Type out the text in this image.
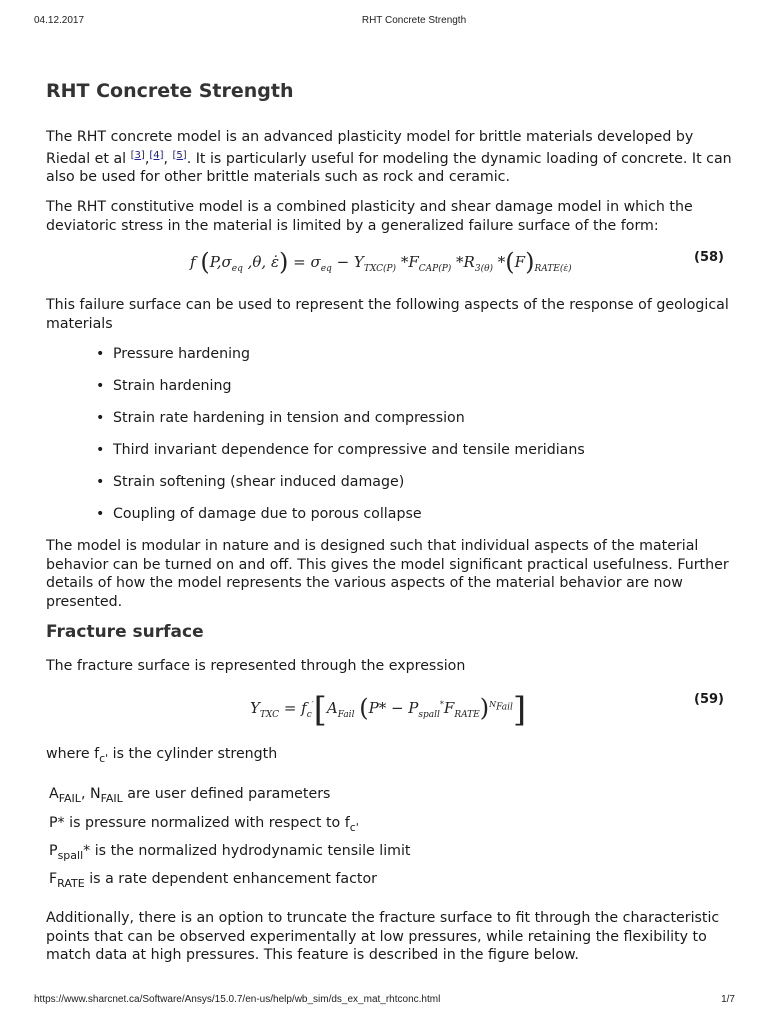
04.12.2017	RHT Concrete Strength
RHT Concrete Strength

The RHT concrete model is an advanced plasticity model for brittle materials developed by Riedal et al [3],[4], [5]. It is particularly useful for modeling the dynamic loading of concrete. It can also be used for other brittle materials such as rock and ceramic.

The RHT constitutive model is a combined plasticity and shear damage model in which the deviatoric stress in the material is limited by a generalized failure surface of the form:

f ($P,\sigma_{eq}$ ,θ, ε̇) = $\sigma_{eq} - Y_{TXC(P)}$ $*F_{CAP(P)}$ $*R_{3(\theta)}$ $*(F)_{RATE(\varepsiloṅ)}$
(58)

This failure surface can be used to represent the following aspects of the response of geological materials

• Pressure hardening
• Strain hardening
• Strain rate hardening in tension and compression
• Third invariant dependence for compressive and tensile meridians
• Strain softening (shear induced damage)
• Coupling of damage due to porous collapse

The model is modular in nature and is designed such that individual aspects of the material behavior can be turned on and off. This gives the model significant practical usefulness. Further details of how the model represents the various aspects of the material behavior are now presented.

Fracture surface

The fracture surface is represented through the expression

$Y_{TXC} = f_c'[A_{Fail}$ $(P* - P_{spall}^*F_{RATE})^{N_{Fail}}$]	(59)

where $f_{c'}$ is the cylinder strength

$A_{FAIL}$, $N_{FAIL}$ are user defined parameters

P* is pressure normalized with respect to $f_{c'}$

$P_{spall}*$ is the normalized hydrodynamic tensile limit

$F_{RATE}$ is a rate dependent enhancement factor

Additionally, there is an option to truncate the fracture surface to fit through the characteristic points that can be observed experimentally at low pressures, while retaining the flexibility to match data at high pressures. This feature is described in the figure below.

https://www.sharcnet.ca/Software/Ansys/15.0.7/en-us/help/wb_sim/ds_ex_mat_rhtconc.html	1/7
